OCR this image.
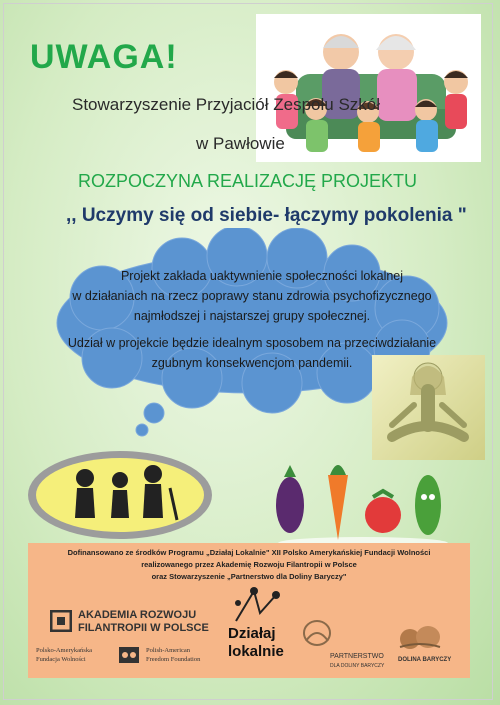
UWAGA!
Stowarzyszenie Przyjaciół Zespołu Szkół
w Pawłowie
ROZPOCZYNA REALIZACJĘ PROJEKTU
,, Uczymy się od siebie- łączymy pokolenia "
Projekt zakłada uaktywnienie społeczności lokalnej
w działaniach na rzecz poprawy stanu zdrowia psychofizycznego
najmłodszej i najstarszej grupy społecznej.
Udział w projekcie będzie idealnym sposobem na przeciwdziałanie
zgubnym konsekwencjom pandemii.
Dofinansowano ze środków Programu „Działaj Lokalnie" XII Polsko Amerykańskiej Fundacji Wolności
realizowanego przez Akademię Rozwoju Filantropii w Polsce
oraz Stowarzyszenie „Partnerstwo dla Doliny Baryczy"
AKADEMIA ROZWOJU
FILANTROPII W POLSCE
Polsko-Amerykańska
Fundacja Wolności
Polish-American
Freedom Foundation
Działaj
lokalnie	PARTNERSTWO
DLA DOLINY BARYCZY
DOLINA BARYCZY
